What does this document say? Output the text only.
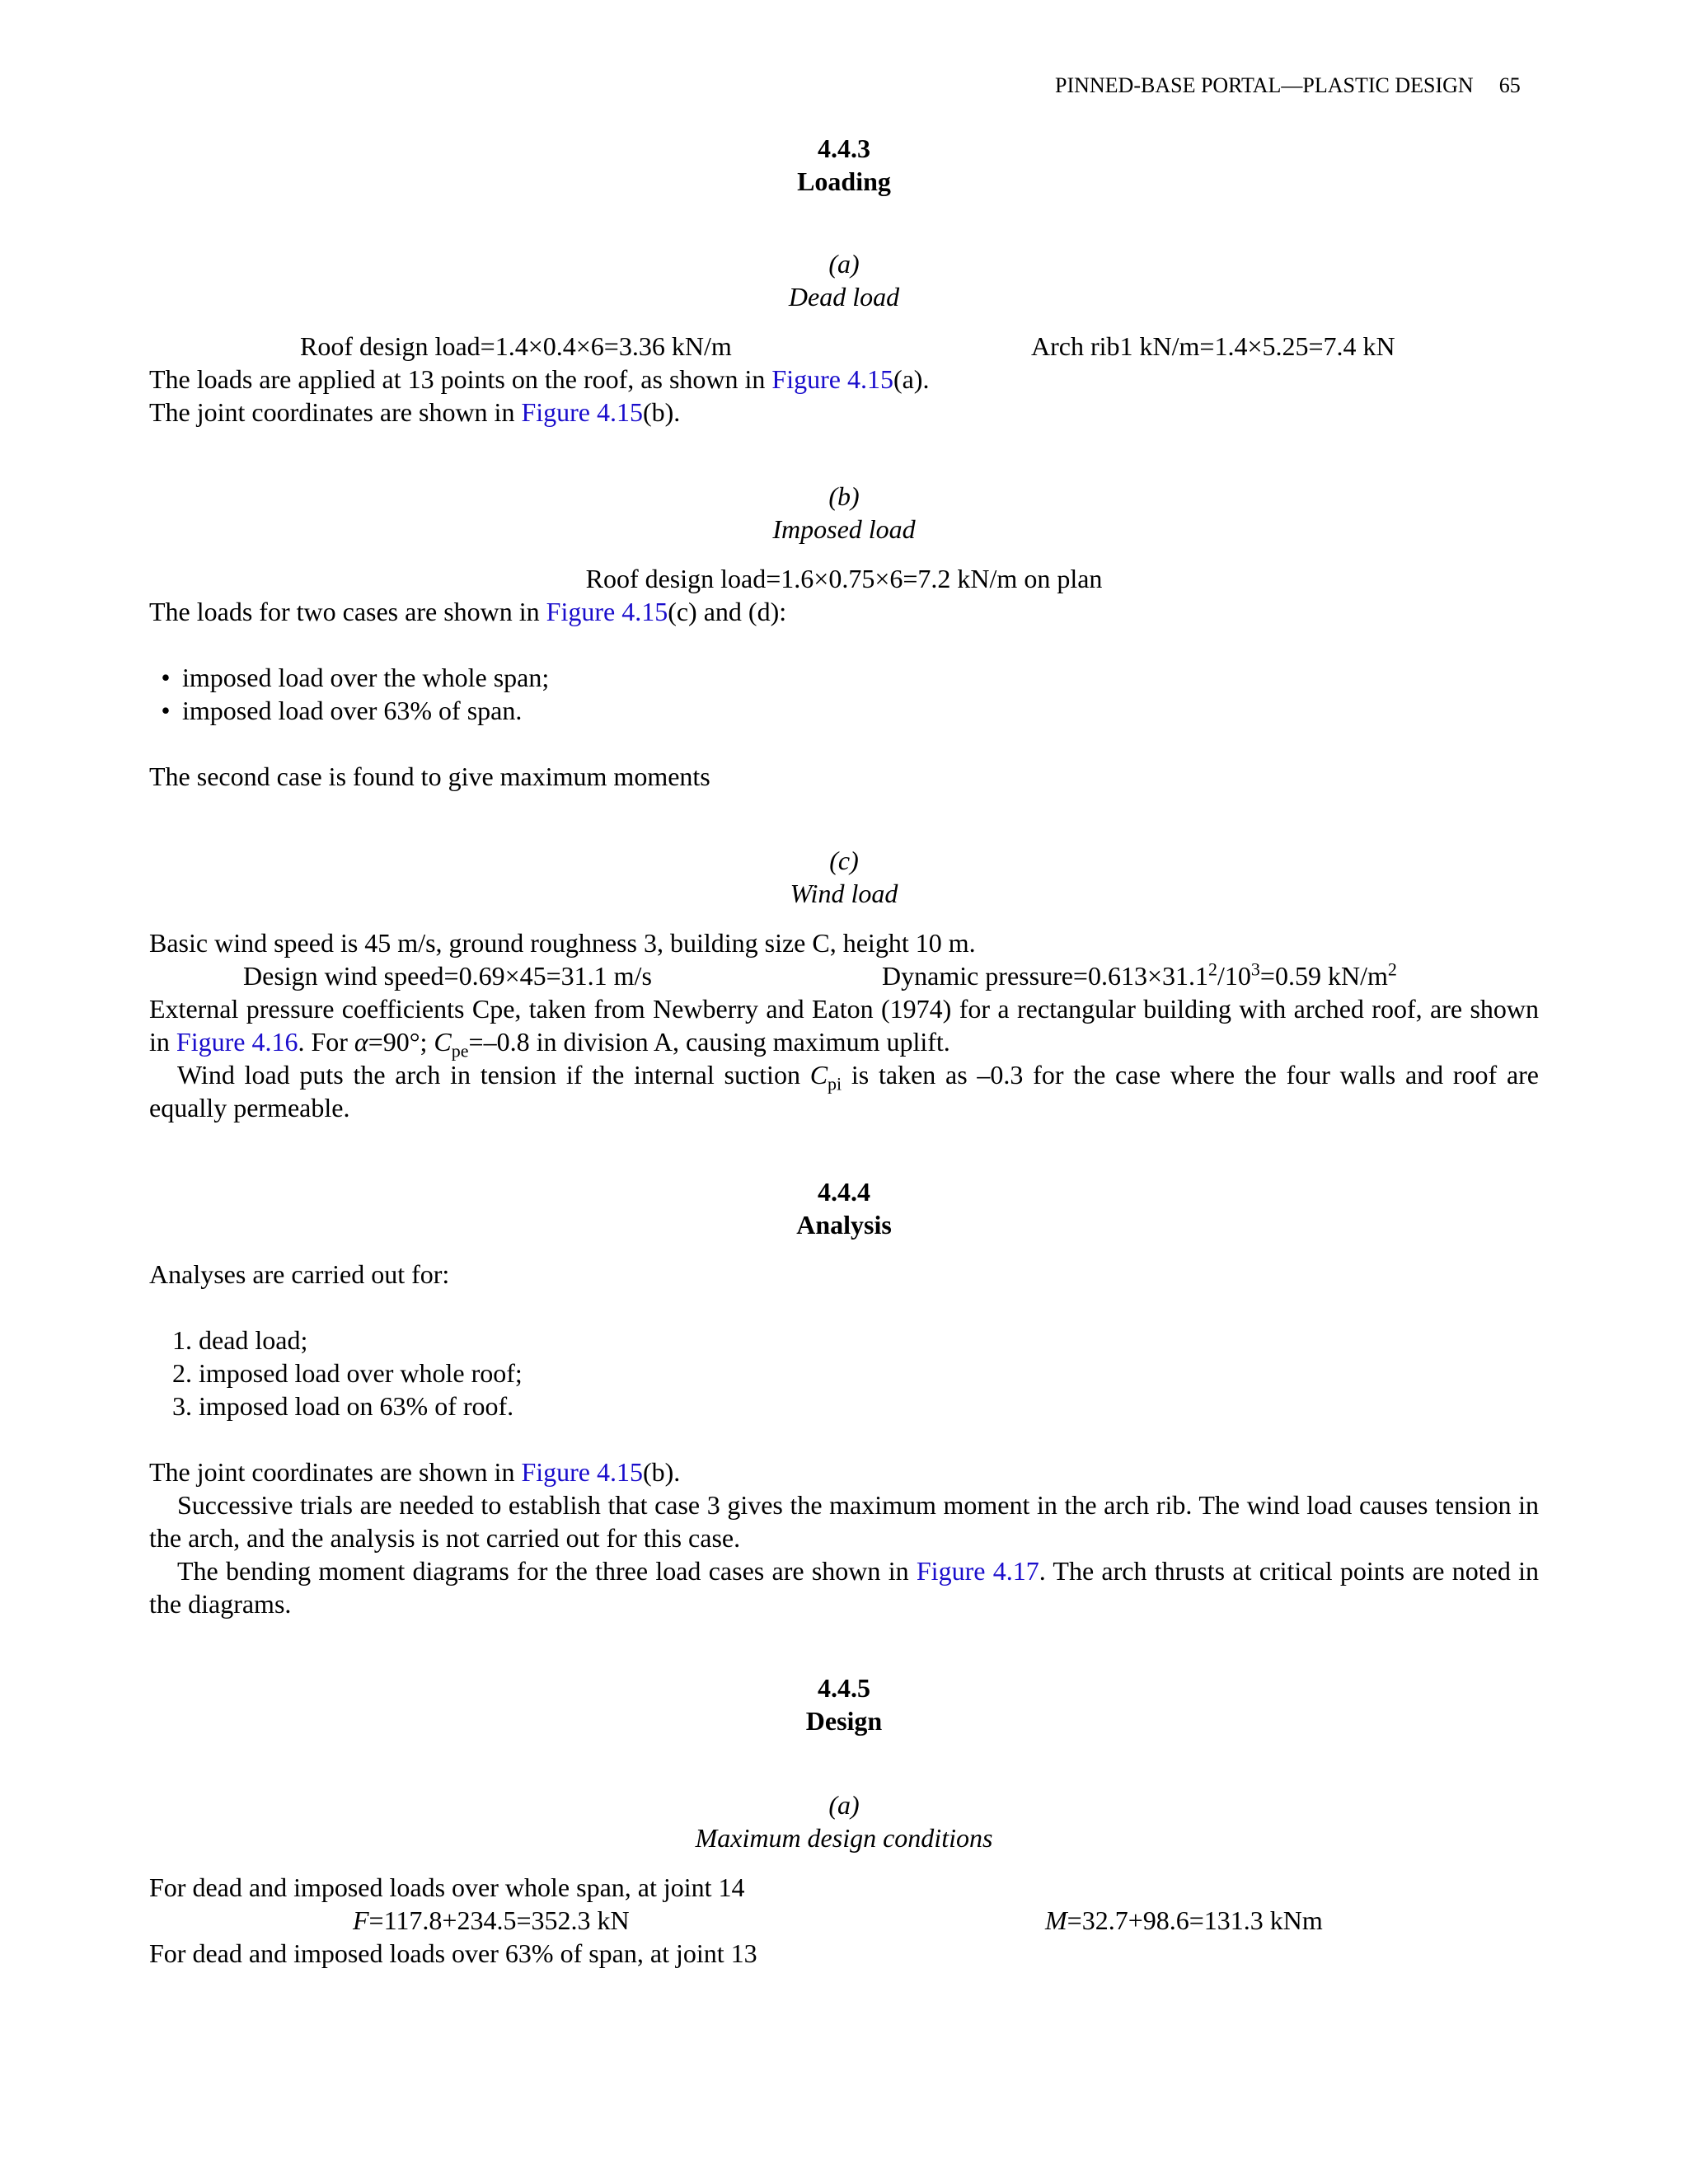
PINNED-BASE PORTAL—PLASTIC DESIGN 65
4.4.3
Loading
(a)
Dead load
Roof design load=1.4×0.4×6=3.36 kN/m	Arch rib1 kN/m=1.4×5.25=7.4 kN
The loads are applied at 13 points on the roof, as shown in Figure 4.15(a).
The joint coordinates are shown in Figure 4.15(b).
(b)
Imposed load
Roof design load=1.6×0.75×6=7.2 kN/m on plan
The loads for two cases are shown in Figure 4.15(c) and (d):
• imposed load over the whole span;
• imposed load over 63% of span.
The second case is found to give maximum moments
(c)
Wind load
Basic wind speed is 45 m/s, ground roughness 3, building size C, height 10 m.
Design wind speed=0.69×45=31.1 m/s	Dynamic $pressure=0.613\times 31.1^2/10^3=0.59$ $kN/m^2$
External pressure coefficients Cpe, taken from Newberry and Eaton (1974) for a rectangular building with arched roof, are shown in Figure 4.16. For α=90°; $C_{pe}=-0.8$ in division A, causing maximum uplift.
Wind load puts the arch in tension if the internal suction $C_{pi}$ is taken as –0.3 for the case where the four walls and roof are equally permeable.
4.4.4
Analysis
Analyses are carried out for:
1. dead load;
2. imposed load over whole roof;
3. imposed load on 63% of roof.
The joint coordinates are shown in Figure 4.15(b).
Successive trials are needed to establish that case 3 gives the maximum moment in the arch rib. The wind load causes tension in the arch, and the analysis is not carried out for this case.
The bending moment diagrams for the three load cases are shown in Figure 4.17. The arch thrusts at critical points are noted in the diagrams.
4.4.5
Design
(a)
Maximum design conditions
For dead and imposed loads over whole span, at joint 14
F=117.8+234.5=352.3 kN	M=32.7+98.6=131.3 kNm
For dead and imposed loads over 63% of span, at joint 13
